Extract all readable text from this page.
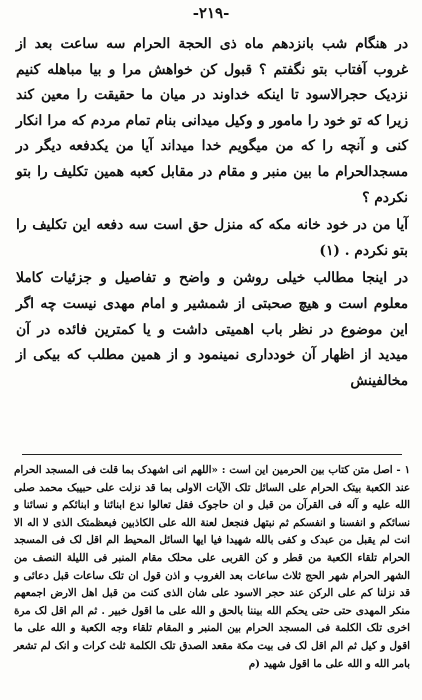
-۲۱۹-

در هنگام شب بانزدهم ماه ذی الحجة الحرام سه ساعت بعد از غروب آفتاب بتو نگفتم ؟ قبول کن خواهش مرا و بیا مباهله کنیم نزدیک حجرالاسود تا اینکه خداوند در میان ما حقیقت را معین کند زیرا که تو خود را مامور و وکیل میدانی بنام تمام مردم که مرا انکار کنی و آنچه را که من میگویم خدا میداند آیا من یکدفعه دیگر در مسجدالحرام ما بین منبر و مقام در مقابل کعبه همین تکلیف را بتو نکردم ؟

آیا من در خود خانه مکه که منزل حق است سه دفعه این تکلیف را بتو نکردم . (۱)

در اینجا مطالب خیلی روشن و واضح و تفاصیل و جزئیات کاملا معلوم است و هیچ صحبتی از شمشیر و امام مهدی نیست چه اگر این موضوع در نظر باب اهمیتی داشت و یا کمترین فائده در آن میدید از اظهار آن خودداری نمینمود و از همین مطلب که بیکی از مخالفینش

۱ - اصل متن کتاب بین الحرمین این است : «اللهم انی اشهدک بما قلت فی المسجد الحرام عند الکعبة بیتک الحرام علی السائل تلک الآیات الاولی بما قد نزلت علی حبیبک محمد صلی الله علیه و آله فی القرآن من قبل و ان حاجوک فقل تعالوا ندع ابنائنا و ابنائکم و نسائنا و نسائکم و انفسنا و انفسکم ثم نبتهل فنجعل لعنة الله علی الکاذبین فبعظمتک الذی لا اله الا انت لم یقبل من عبدک و کفی بالله شهیدا فیا ایها السائل المحیط الم اقل لک فی المسجد الحرام تلقاء الکعبة من قطر و کن القربی علی محلک مقام المنبر فی اللیلة النصف من الشهر الحرام شهر الحج ثلاث ساعات بعد الغروب و اذن قول ان تلک ساعات قبل دعائی و قد نزلنا کم علی الرکن عند حجر الاسود علی شان الذی کنت من قبل اهل الارض اجمعهم منکر المهدی حتی حتی یحکم الله بیننا بالحق و الله علی ما اقول خبیر . ثم الم اقل لک مرة اخری تلک الکلمة فی المسجد الحرام بین المنبر و المقام تلقاء وجه الکعبة و الله علی ما اقول و کیل ثم الم اقل لک فی بیت مکة مقعد الصدق تلک الکلمة ثلث کرات و انک لم تشعر بامر الله و الله علی ما اقول شهید (م
